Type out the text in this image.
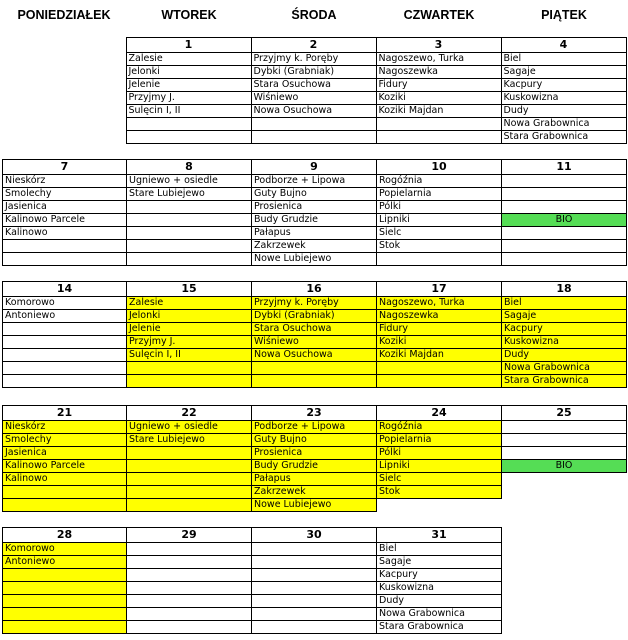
PONIEDZIAŁEK	WTOREK	ŚRODA	CZWARTEK	PIĄTEK
	1	2	3	4
	Zalesie	Przyjmy k. Poręby	Nagoszewo, Turka	Biel
	Jelonki	Dybki (Grabniak)	Nagoszewka	Sagaje
	Jelenie	Stara Osuchowa	Fidury	Kacpury
	Przyjmy J.	Wiśniewo	Koziki	Kuskowizna
	Sulęcin I, II	Nowa Osuchowa	Koziki Majdan	Dudy
				Nowa Grabownica
				Stara Grabownica
7	8	9	10	11
Nieskórz	Ugniewo + osiedle	Podborze + Lipowa	Rogóźnia	
Smolechy	Stare Lubiejewo	Guty Bujno	Popielarnia	
Jasienica		Prosienica	Pólki	
Kalinowo Parcele		Budy Grudzie	Lipniki	BIO
Kalinowo		Pałapus	Sielc	
		Zakrzewek	Stok	
		Nowe Lubiejewo		
14	15	16	17	18
Komorowo	Zalesie	Przyjmy k. Poręby	Nagoszewo, Turka	Biel
Antoniewo	Jelonki	Dybki (Grabniak)	Nagoszewka	Sagaje
	Jelenie	Stara Osuchowa	Fidury	Kacpury
	Przyjmy J.	Wiśniewo	Koziki	Kuskowizna
	Sulęcin I, II	Nowa Osuchowa	Koziki Majdan	Dudy
				Nowa Grabownica
				Stara Grabownica
21	22	23	24	25
Nieskórz	Ugniewo + osiedle	Podborze + Lipowa	Rogóźnia	
Smolechy	Stare Lubiejewo	Guty Bujno	Popielarnia	
Jasienica		Prosienica	Pólki	
Kalinowo Parcele		Budy Grudzie	Lipniki	BIO
Kalinowo		Pałapus	Sielc	
		Zakrzewek	Stok	
		Nowe Lubiejewo		
28	29	30	31	
Komorowo			Biel	
Antoniewo			Sagaje	
			Kacpury	
			Kuskowizna	
			Dudy	
			Nowa Grabownica	
			Stara Grabownica	
